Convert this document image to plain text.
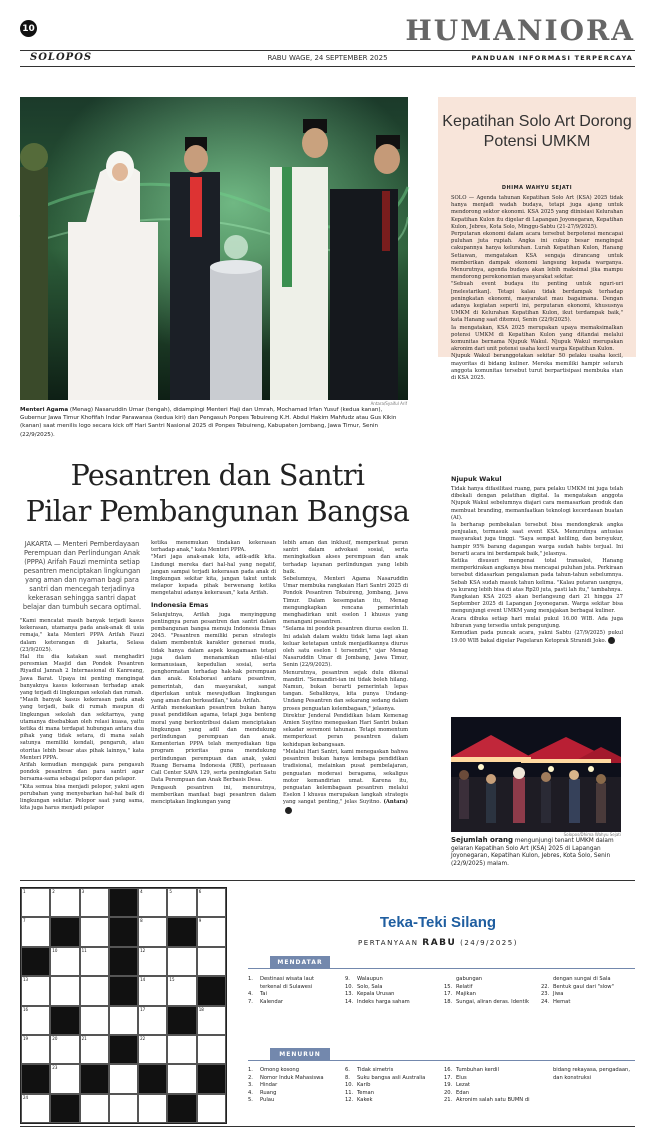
10	HUMANIORA
SOLOPOS	RABU WAGE, 24 SEPTEMBER 2025	PANDUAN INFORMASI TERPERCAYA
Antara/Syaiful Arif
Menteri Agama (Menag) Nasaruddin Umar (tengah), didampingi Menteri Haji dan Umrah, Mochamad Irfan Yusuf (kedua kanan), Gubernur Jawa Timur Khofifah Indar Parawansa (kedua kiri) dan Pengasuh Ponpes Tebuireng K.H. Abdul Hakim Mahfudz atau Gus Kikin (kanan) saat menilis logo secara kick off Hari Santri Nasional 2025 di Ponpes Tebuireng, Kabupaten Jombang, Jawa Timur, Senin (22/9/2025).
Pesantren dan Santri
Pilar Pembangunan Bangsa
JAKARTA — Menteri Pemberdayaan Perempuan dan Perlindungan Anak (PPPA) Arifah Fauzi meminta setiap pesantren menciptakan lingkungan yang aman dan nyaman bagi para santri dan mencegah terjadinya kekerasan sehingga santri dapat belajar dan tumbuh secara optimal.

"Kami mencatat masih banyak terjadi kasus kekerasan, utamanya pada anak-anak di usia remaja," kata Menteri PPPA Arifah Fauzi dalam keterangan di Jakarta, Selasa (23/9/2025).

Hal itu dia katakan saat menghadiri peresmian Masjid dan Pondok Pesantren Riyadlul Jannah 2 Internasional di Kanreang, Jawa Barat. Upaya ini penting mengingat banyaknya kasus kekerasan terhadap anak yang terjadi di lingkungan sekolah dan rumah.

"Masih banyak kasus kekerasan pada anak yang terjadi, baik di rumah maupun di lingkungan sekolah dan sekitarnya, yang utamanya disebabkan oleh relasi kuasa, yaitu ketika di mana terdapat hubungan antara dua pihak yang tidak setara, di mana salah satunya memiliki kendali, pengaruh, atau otoritas lebih besar atas pihak lainnya," kata Menteri PPPA.

Arifah kemudian mengajak para pengasuh pondok pesantren dan para santri agar bersama-sama sebagai pelopor dan pelapor.

"Kita semua bisa menjadi pelopor, yakni agen perubahan yang menyebarkan hal-hal baik di lingkungan sekitar. Pelopor saat yang sama, kita juga harus menjadi pelapor

ketika menemukan tindakan kekerasan terhadap anak," kata Menteri PPPA.

"Mari jaga anak-anak kita, adik-adik kita. Lindungi mereka dari hal-hal yang negatif, jangan sampai terjadi kekerasan pada anak di lingkungan sekitar kita, jangan takut untuk melapor kepada pihak berwenang ketika mengetahui adanya kekerasan," kata Arifah.

Indonesia Emas

Selanjutnya, Arifah juga menyinggung pentingnya peran pesantren dan santri dalam pembangunan bangsa menuju Indonesia Emas 2045. "Pesantren memiliki peran strategis dalam membentuk karakter generasi muda, tidak hanya dalam aspek keagamaan tetapi juga dalam menanamkan nilai-nilai kemanusiaan, kepedulian sosial, serta penghormatan terhadap hak-hak perempuan dan anak. Kolaborasi antara pesantren, pemerintah, dan masyarakat, sangat diperlukan untuk mewujudkan lingkungan yang aman dan berkeadilan," kata Arifah.

Arifah menekankan pesantren bukan hanya pusat pendidikan agama, tetapi juga benteng moral yang berkontribusi dalam menciptakan lingkungan yang adil dan mendukung perlindungan perempuan dan anak. Kementerian PPPA telah menyediakan tiga program prioritas guna mendukung perlindungan perempuan dan anak, yakni Ruang Bersama Indonesia (RBI), perluasan Call Center SAPA 129, serta peningkatan Satu Data Perempuan dan Anak Berbasis Desa.

Pengasuh pesantren ini, menurutnya, memberikan manfaat bagi pesantren dalam menciptakan lingkungan yang

lebih aman dan inklusif, memperkuat peran santri dalam advokasi sosial, serta meningkatkan akses perempuan dan anak terhadap layanan perlindungan yang lebih baik.

Sebelumnya, Menteri Agama Nasaruddin Umar membuka rangkaian Hari Santri 2025 di Pondok Pesantren Tebuireng, Jombang, Jawa Timur. Dalam kesempatan itu, Menag mengungkapkan rencana pemerintah menghadirkan unit eselon I khusus yang menangani pesantren.

"Selama ini pondok pesantren diurus eselon II. Ini adalah dalam waktu tidak lama lagi akan keluar ketetapan untuk menjadikannya diurus oleh satu eselon I tersendiri," ujar Menag Nasaruddin Umar di Jombang, Jawa Timur, Senin (22/9/2025).

Menurutnya, pesantren sejak dulu dikenal mandiri. "Semandiri-ian ini tidak boleh hilang. Namun, bukan berarti pemerintah lepas tangan. Sebaliknya, kita punya Undang-Undang Pesantren dan sekarang sedang dalam proses penguatan kelembagaan," jelasnya.

Direktur Jenderal Pendidikan Islam Kemenag Amien Suyitno menegaskan Hari Santri bukan sekadar seremoni tahunan. Tetapi momentum memperkuat peran pesantren dalam kehidupan kebangsaan.

"Melalui Hari Santri, kami menegaskan bahwa pesantren bukan hanya lembaga pendidikan tradisional, melainkan pusat pembelajaran, penguatan moderasi beragama, sekaligus motor kemandirian umat. Karena itu, penguatan kelembagaan pesantren melalui Eselon I khusus merupakan langkah strategis yang sangat penting," jelas Suyitno. (Antara)

Kepatihan Solo Art Dorong Potensi UMKM
DHIMA WAHYU SEJATI

SOLO — Agenda tahunan Kepatihan Solo Art (KSA) 2025 tidak hanya menjadi wadah budaya, tetapi juga ajang untuk mendorong sektor ekonomi. KSA 2025 yang diinisiasi Kelurahan Kepatihan Kulon itu digelar di Lapangan Joyonegaran, Kepatihan Kulon, Jebres, Kota Solo, Minggu-Sabtu (21-27/9/2025).

Perputaran ekonomi dalam acara tersebut berpotensi mencapai puluhan juta rupiah. Angka ini cukup besar mengingat cakupannya hanya kelurahan. Lurah Kepatihan Kulon, Hanang Setiawan, mengatakan KSA sengaja dirancang untuk memberikan dampak ekonomi langsung kepada warganya. Menurutnya, agenda budaya akan lebih maksimal jika mampu mendorong perekonomian masyarakat sekitar.

"Sebuah event budaya itu penting untuk nguri-uri [melestarikan]. Tetapi kalau tidak berdampak terhadap peningkatan ekonomi, masyarakat mau bagaimana. Dengan adanya kegiatan seperti ini, perputaran ekonomi, khususnya UMKM di Kelurahan Kepatihan Kulon, ikut terdampak baik," kata Hanang saat ditemui, Senin (22/9/2025).

Ia mengatakan, KSA 2025 merupakan upaya memaksimalkan potensi UMKM di Kepatihan Kulon yang ditandai melalui komunitas bernama Njupuk Wakul. Njupuk Wakul merupakan akronim dari unit potensi usaha kecil warga Kepatihan Kulon.

Njupuk Wakul beranggotakan sekitar 50 pelaku usaha kecil, mayoritas di bidang kuliner. Mereka memiliki hampir seluruh anggota komunitas tersebut turut berpartisipasi membuka stan di KSA 2025.

Njupuk Wakul

Tidak hanya difasilitasi ruang, para pelaku UMKM ini juga telah dibekali dengan pelatihan digital. Ia mengatakan anggota Njupuk Wakul sebelumnya diajari cara memasarkan produk dan membuat branding, memanfaatkan teknologi kecerdasan buatan (AI).

Ia berharap pembekalan tersebut bisa mendongkrak angka penjualan, termasuk saat event KSA. Menurutnya antusias masyarakat juga tinggi. "Saya sempat keliling, dan bersyukur, hampir 95% barang dagangan warga sudah habis terjual. Ini berarti acara ini berdampak baik," jelasnya.

Ketika disusuri mengenai total transaksi, Hanang memperkirakan angkanya bisa mencapai puluhan juta. Perkiraan tersebut didasarkan pengalaman pada tahun-tahun sebelumnya. Sebab KSA sudah masuk tahun kelima. "Kalau putaran uangnya, ya kurang lebih bisa di atas Rp20 juta, pasti lah itu," tambahnya.

Rangkaian KSA 2025 akan berlangsung dari 21 hingga 27 September 2025 di Lapangan Joyonegaran. Warga sekitar bisa mengunjungi event UMKM yang menjajakan berbagai kuliner.

Acara dibuka setiap hari mulai pukul 16.00 WIB. Ada juga hiburan yang tersedia untuk pengunjung.

Kemudian pada puncak acara, yakni Sabtu (27/9/2025) pukul 19.00 WIB bakal digelar Pagelaran Ketoprak Stranidi Joko.

Solopos/Dhima Wahyu Sejati
Sejumlah orang mengunjungi tenant UMKM dalam gelaran Kepatihan Solo Art (KSA) 2025 di Lapangan Joyonegaran, Kepatihan Kulon, Jebres, Kota Solo, Senin (22/9/2025) malam.
1	2	3	4	5	6
7	8	9
10	11	12
13	14	15
16	17	18
19	20	21	22
23
24
Teka-Teki Silang
PERTANYAAN RABU (24/9/2025)
MENDATAR
1. Destinasi wisata laut
terkenal di Sulawesi
4. Tai
7. Kalendar
9. Walaupun
10. Solo, Sala
13. Kepala Urusan
14. Indeks harga saham
gabungan
15. Relatif
17. Majikan
18. Sungai, aliran deras. Identik
dengan sungai di Sala
22. Bentuk gaul dari "slow"
23. Jiwa
24. Hemat
MENURUN
1. Omong kosong
2. Nomor Induk Mahasiswa
3. Hindar
4. Ruang
5. Pulau
6. Tidak simetris
8. Suku bangsa asli Australia
10. Karib
11. Teman
12. Kakek
16. Tumbuhan kerdil
17. Elus
19. Lezat
20. Edan
21. Akronim salah satu BUMN di
bidang rekayasa, pengadaan,
dan konstruksi
